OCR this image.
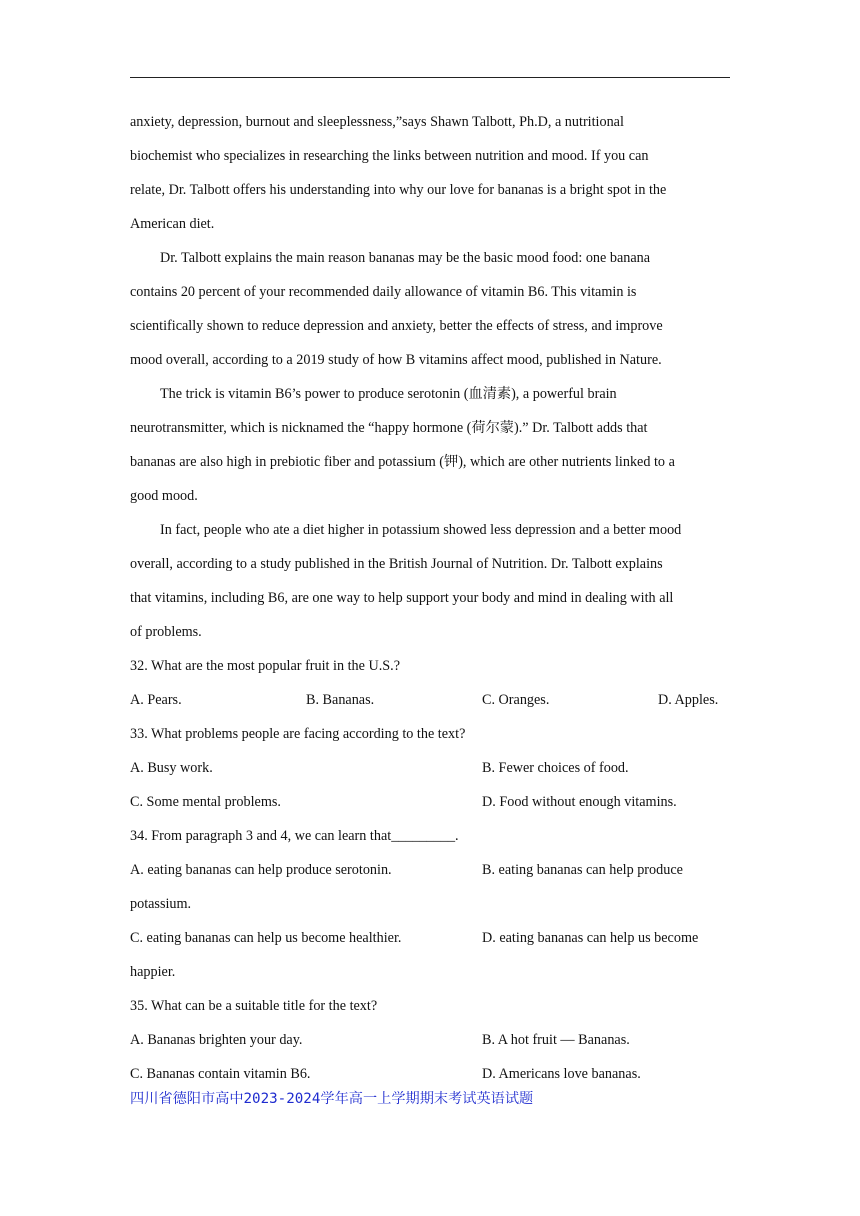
anxiety, depression, burnout and sleeplessness,”says Shawn Talbott, Ph.D, a nutritional
biochemist who specializes in researching the links between nutrition and mood. If you can
relate, Dr. Talbott offers his understanding into why our love for bananas is a bright spot in the
American diet.
Dr. Talbott explains the main reason bananas may be the basic mood food: one banana
contains 20 percent of your recommended daily allowance of vitamin B6. This vitamin is
scientifically shown to reduce depression and anxiety, better the effects of stress, and improve
mood overall, according to a 2019 study of how B vitamins affect mood, published in Nature.
The trick is vitamin B6’s power to produce serotonin (血清素), a powerful brain
neurotransmitter, which is nicknamed the “happy hormone (荷尔蒙).” Dr. Talbott adds that
bananas are also high in prebiotic fiber and potassium (钾), which are other nutrients linked to a
good mood.
In fact, people who ate a diet higher in potassium showed less depression and a better mood
overall, according to a study published in the British Journal of Nutrition. Dr. Talbott explains
that vitamins, including B6, are one way to help support your body and mind in dealing with all
of problems.
32. What are the most popular fruit in the U.S.?
A. Pears.	B. Bananas.	C. Oranges.	D. Apples.
33. What problems people are facing according to the text?
A. Busy work.	B. Fewer choices of food.
C. Some mental problems.	D. Food without enough vitamins.
34. From paragraph 3 and 4, we can learn that_________.
A. eating bananas can help produce serotonin.	B. eating bananas can help produce
potassium.
C. eating bananas can help us become healthier.	D. eating bananas can help us become
happier.
35. What can be a suitable title for the text?
A. Bananas brighten your day.	B. A hot fruit — Bananas.
C. Bananas contain vitamin B6.	D. Americans love bananas.
四川省德阳市高中2023-2024学年高一上学期期末考试英语试题
